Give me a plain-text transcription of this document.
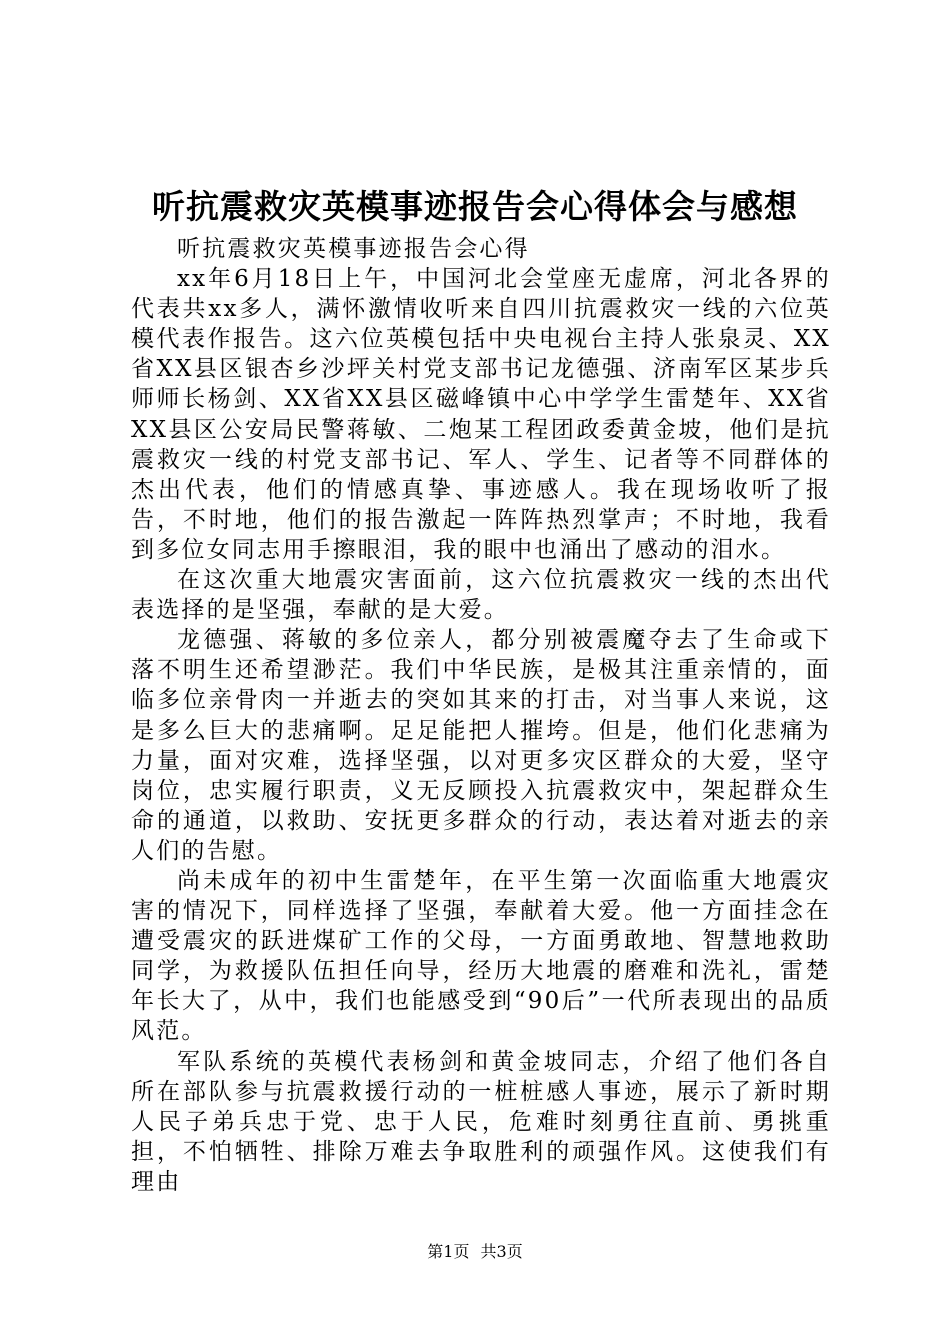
听抗震救灾英模事迹报告会心得体会与感想

听抗震救灾英模事迹报告会心得

xx年6月18日上午，中国河北会堂座无虚席，河北各界的代表共xx多人，满怀激情收听来自四川抗震救灾一线的六位英模代表作报告。这六位英模包括中央电视台主持人张泉灵、XX省XX县区银杏乡沙坪关村党支部书记龙德强、济南军区某步兵师师长杨剑、XX省XX县区磁峰镇中心中学学生雷楚年、XX省XX县区公安局民警蒋敏、二炮某工程团政委黄金坡，他们是抗震救灾一线的村党支部书记、军人、学生、记者等不同群体的杰出代表，他们的情感真挚、事迹感人。我在现场收听了报告，不时地，他们的报告激起一阵阵热烈掌声；不时地，我看到多位女同志用手擦眼泪，我的眼中也涌出了感动的泪水。

在这次重大地震灾害面前，这六位抗震救灾一线的杰出代表选择的是坚强，奉献的是大爱。

龙德强、蒋敏的多位亲人，都分别被震魔夺去了生命或下落不明生还希望渺茫。我们中华民族，是极其注重亲情的，面临多位亲骨肉一并逝去的突如其来的打击，对当事人来说，这是多么巨大的悲痛啊。足足能把人摧垮。但是，他们化悲痛为力量，面对灾难，选择坚强，以对更多灾区群众的大爱，坚守岗位，忠实履行职责，义无反顾投入抗震救灾中，架起群众生命的通道，以救助、安抚更多群众的行动，表达着对逝去的亲人们的告慰。

尚未成年的初中生雷楚年，在平生第一次面临重大地震灾害的情况下，同样选择了坚强，奉献着大爱。他一方面挂念在遭受震灾的跃进煤矿工作的父母，一方面勇敢地、智慧地救助同学，为救援队伍担任向导，经历大地震的磨难和洗礼，雷楚年长大了，从中，我们也能感受到“90后”一代所表现出的品质风范。

军队系统的英模代表杨剑和黄金坡同志，介绍了他们各自所在部队参与抗震救援行动的一桩桩感人事迹，展示了新时期人民子弟兵忠于党、忠于人民，危难时刻勇往直前、勇挑重担，不怕牺牲、排除万难去争取胜利的顽强作风。这使我们有理由

第1页 共3页
